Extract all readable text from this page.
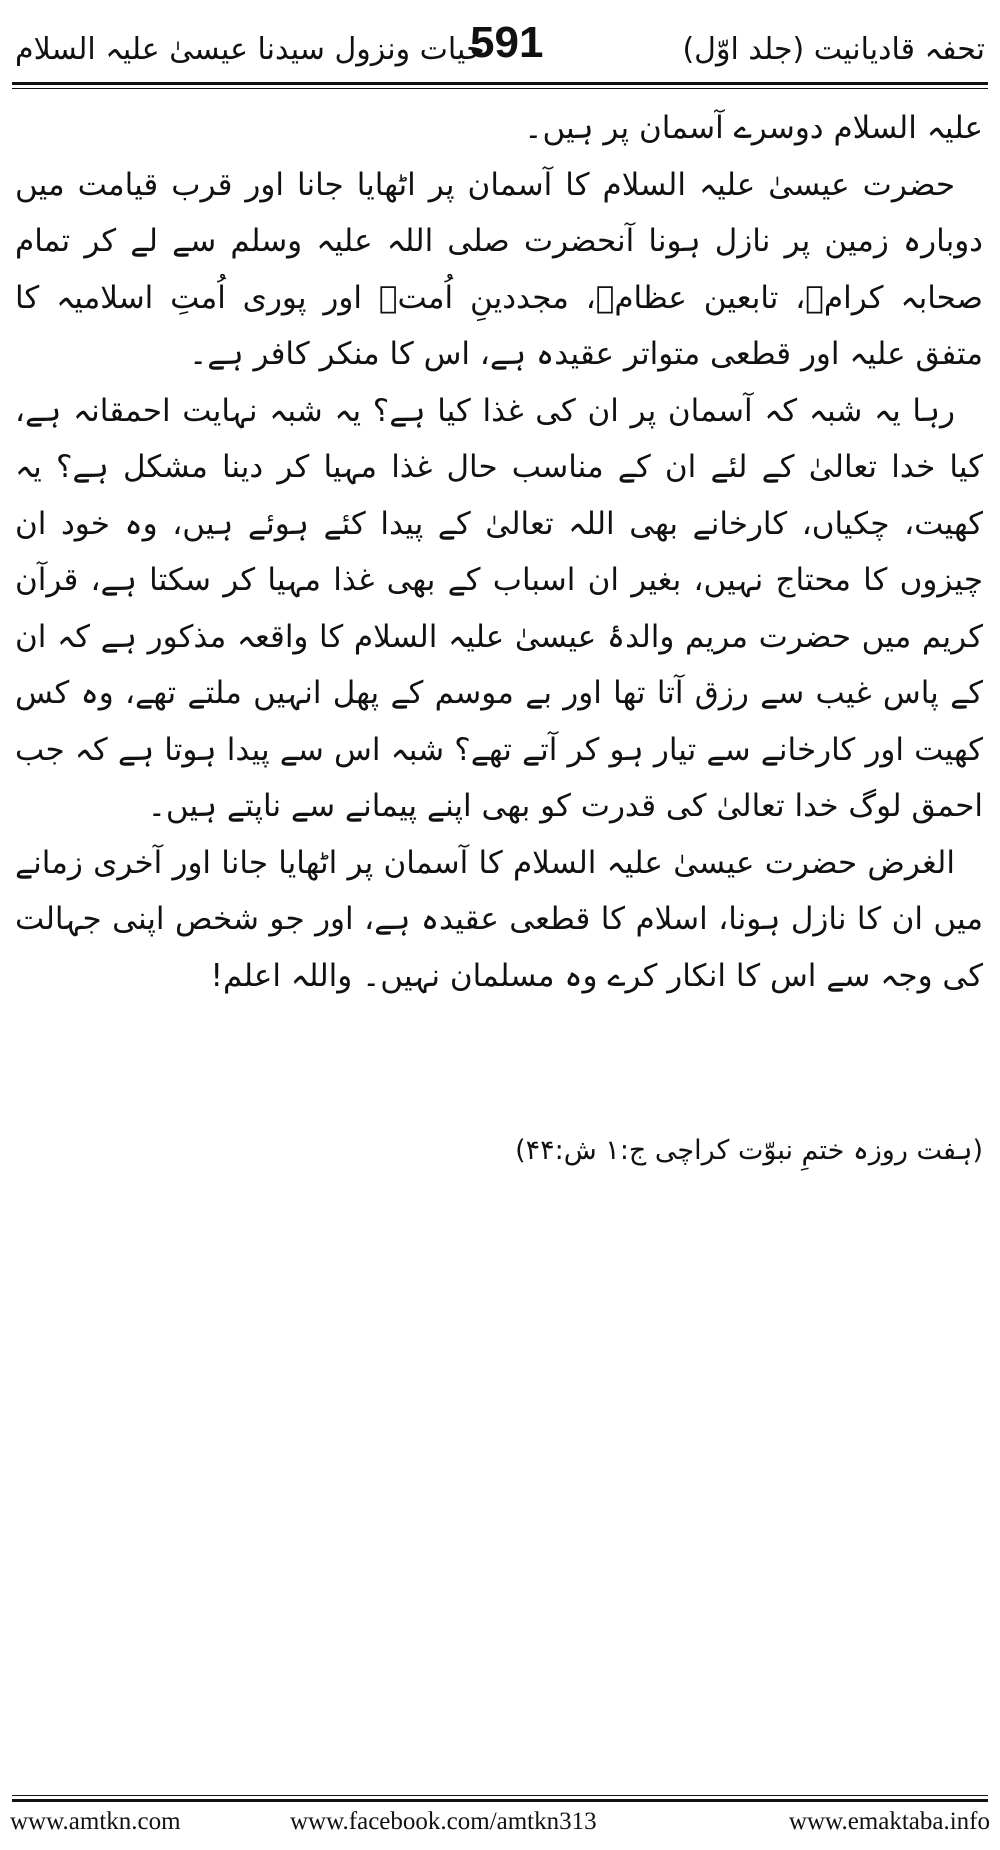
حیات ونزول سیدنا عیسیٰ علیہ السلام
591	تحفہ قادیانیت (جلد اوّل)

علیہ السلام دوسرے آسمان پر ہیں۔

حضرت عیسیٰ علیہ السلام کا آسمان پر اٹھایا جانا اور قرب قیامت میں دوبارہ زمین پر نازل ہونا آنحضرت صلی اللہ علیہ وسلم سے لے کر تمام صحابہ کرامؓ، تابعین عظامؒ، مجددینِ اُمتؒ اور پوری اُمتِ اسلامیہ کا متفق علیہ اور قطعی متواتر عقیدہ ہے، اس کا منکر کافر ہے۔

رہا یہ شبہ کہ آسمان پر ان کی غذا کیا ہے؟ یہ شبہ نہایت احمقانہ ہے، کیا خدا تعالیٰ کے لئے ان کے مناسب حال غذا مہیا کر دینا مشکل ہے؟ یہ کھیت، چکیاں، کارخانے بھی اللہ تعالیٰ کے پیدا کئے ہوئے ہیں، وہ خود ان چیزوں کا محتاج نہیں، بغیر ان اسباب کے بھی غذا مہیا کر سکتا ہے، قرآن کریم میں حضرت مریم والدۂ عیسیٰ علیہ السلام کا واقعہ مذکور ہے کہ ان کے پاس غیب سے رزق آتا تھا اور بے موسم کے پھل انہیں ملتے تھے، وہ کس کھیت اور کارخانے سے تیار ہو کر آتے تھے؟ شبہ اس سے پیدا ہوتا ہے کہ جب احمق لوگ خدا تعالیٰ کی قدرت کو بھی اپنے پیمانے سے ناپتے ہیں۔

الغرض حضرت عیسیٰ علیہ السلام کا آسمان پر اٹھایا جانا اور آخری زمانے میں ان کا نازل ہونا، اسلام کا قطعی عقیدہ ہے، اور جو شخص اپنی جہالت کی وجہ سے اس کا انکار کرے وہ مسلمان نہیں۔ واللہ اعلم!

(ہفت روزہ ختمِ نبوّت کراچی ج:۱ ش:۴۴)
www.amtkn.com	www.facebook.com/amtkn313	www.emaktaba.info
